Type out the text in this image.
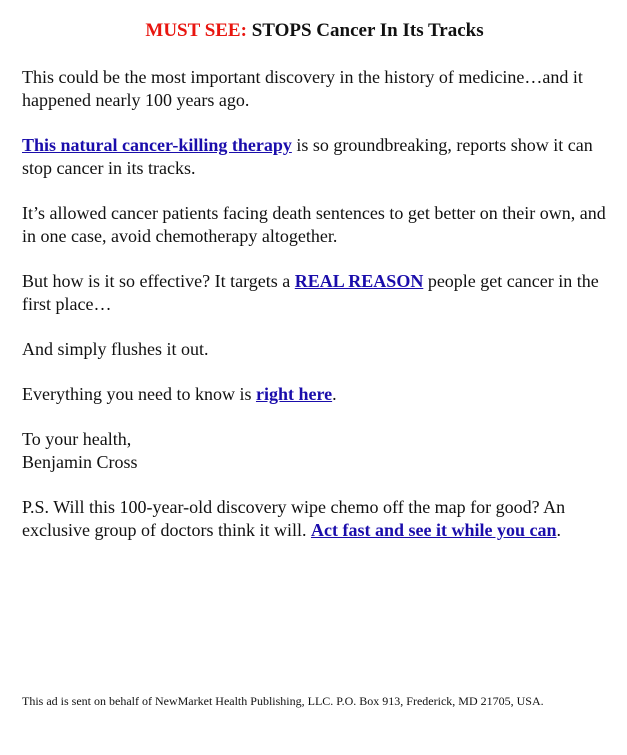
MUST SEE: STOPS Cancer In Its Tracks

This could be the most important discovery in the history of medicine…and it happened nearly 100 years ago.

This natural cancer-killing therapy is so groundbreaking, reports show it can stop cancer in its tracks.

It’s allowed cancer patients facing death sentences to get better on their own, and in one case, avoid chemotherapy altogether.

But how is it so effective? It targets a REAL REASON people get cancer in the first place…

And simply flushes it out.

Everything you need to know is right here.

To your health,
Benjamin Cross

P.S. Will this 100-year-old discovery wipe chemo off the map for good? An exclusive group of doctors think it will. Act fast and see it while you can.

This ad is sent on behalf of NewMarket Health Publishing, LLC. P.O. Box 913, Frederick, MD 21705, USA.
